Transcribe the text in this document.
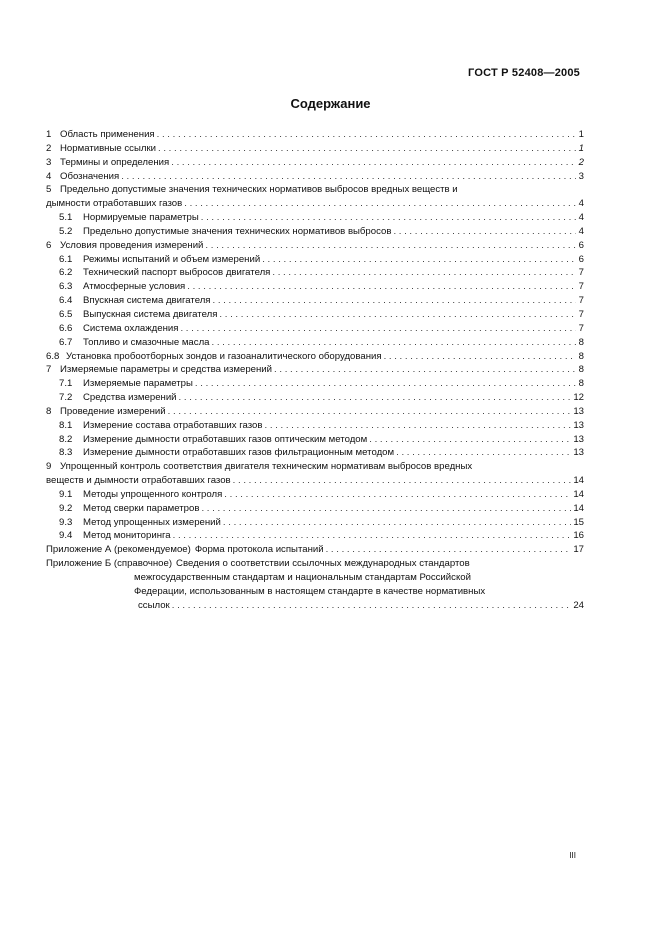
ГОСТ Р 52408—2005
Содержание
1 Область применения . . .	1
2 Нормативные ссылки . . .	1
3 Термины и определения . . .	2
4 Обозначения . . .	3
5 Предельно допустимые значения технических нормативов выбросов вредных веществ и
дымности отработавших газов . . .	4
5.1	Нормируемые параметры . . .	4
5.2	Предельно допустимые значения технических нормативов выбросов . . .	4
6 Условия проведения измерений . . .	6
6.1	Режимы испытаний и объем измерений . . .	6
6.2	Технический паспорт выбросов двигателя . . .	7
6.3	Атмосферные условия . . .	7
6.4	Впускная система двигателя . . .	7
6.5	Выпускная система двигателя . . .	7
6.6	Система охлаждения . . .	7
6.7	Топливо и смазочные масла . . .	8
6.8 Установка пробоотборных зондов и газоаналитического оборудования . . .	8
7 Измеряемые параметры и средства измерений . . .	8
7.1	Измеряемые параметры . . .	8
7.2	Средства измерений . . .	12
8 Проведение измерений . . .	13
8.1	Измерение состава отработавших газов . . .	13
8.2	Измерение дымности отработавших газов оптическим методом . . .	13
8.3	Измерение дымности отработавших газов фильтрационным методом . . .	13
9 Упрощенный контроль соответствия двигателя техническим нормативам выбросов вредных
веществ и дымности отработавших газов . . .	14
9.1	Методы упрощенного контроля . . .	14
9.2	Метод сверки параметров . . .	14
9.3	Метод упрощенных измерений . . .	15
9.4	Метод мониторинга . . .	16
Приложение А (рекомендуемое) Форма протокола испытаний . . .	17
Приложение Б (справочное) Сведения о соответствии ссылочных международных стандартов
межгосударственным стандартам и национальным стандартам Российской
Федерации, использованным в настоящем стандарте в качестве нормативных
ссылок . . .	24
III
